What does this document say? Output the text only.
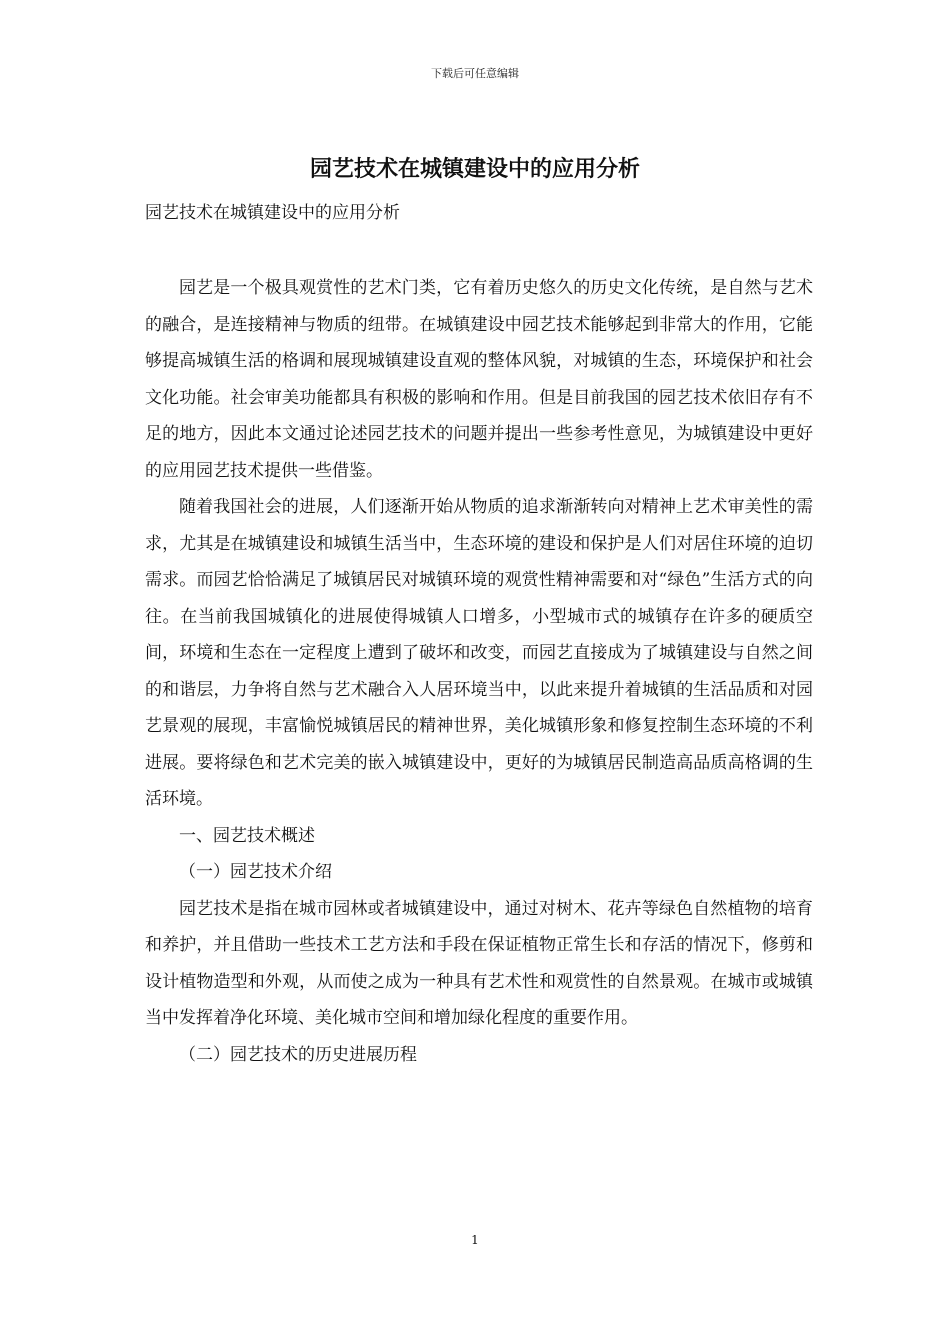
下载后可任意编辑
园艺技术在城镇建设中的应用分析
园艺技术在城镇建设中的应用分析

园艺是一个极具观赏性的艺术门类，它有着历史悠久的历史文化传统，是自然与艺术的融合，是连接精神与物质的纽带。在城镇建设中园艺技术能够起到非常大的作用，它能够提高城镇生活的格调和展现城镇建设直观的整体风貌，对城镇的生态，环境保护和社会文化功能。社会审美功能都具有积极的影响和作用。但是目前我国的园艺技术依旧存有不足的地方，因此本文通过论述园艺技术的问题并提出一些参考性意见，为城镇建设中更好的应用园艺技术提供一些借鉴。

随着我国社会的进展，人们逐渐开始从物质的追求渐渐转向对精神上艺术审美性的需求，尤其是在城镇建设和城镇生活当中，生态环境的建设和保护是人们对居住环境的迫切需求。而园艺恰恰满足了城镇居民对城镇环境的观赏性精神需要和对“绿色”生活方式的向往。在当前我国城镇化的进展使得城镇人口增多，小型城市式的城镇存在许多的硬质空间，环境和生态在一定程度上遭到了破坏和改变，而园艺直接成为了城镇建设与自然之间的和谐层，力争将自然与艺术融合入人居环境当中，以此来提升着城镇的生活品质和对园艺景观的展现，丰富愉悦城镇居民的精神世界，美化城镇形象和修复控制生态环境的不利进展。要将绿色和艺术完美的嵌入城镇建设中，更好的为城镇居民制造高品质高格调的生活环境。

一、园艺技术概述

（一）园艺技术介绍

园艺技术是指在城市园林或者城镇建设中，通过对树木、花卉等绿色自然植物的培育和养护，并且借助一些技术工艺方法和手段在保证植物正常生长和存活的情况下，修剪和设计植物造型和外观，从而使之成为一种具有艺术性和观赏性的自然景观。在城市或城镇当中发挥着净化环境、美化城市空间和增加绿化程度的重要作用。

（二）园艺技术的历史进展历程

1
